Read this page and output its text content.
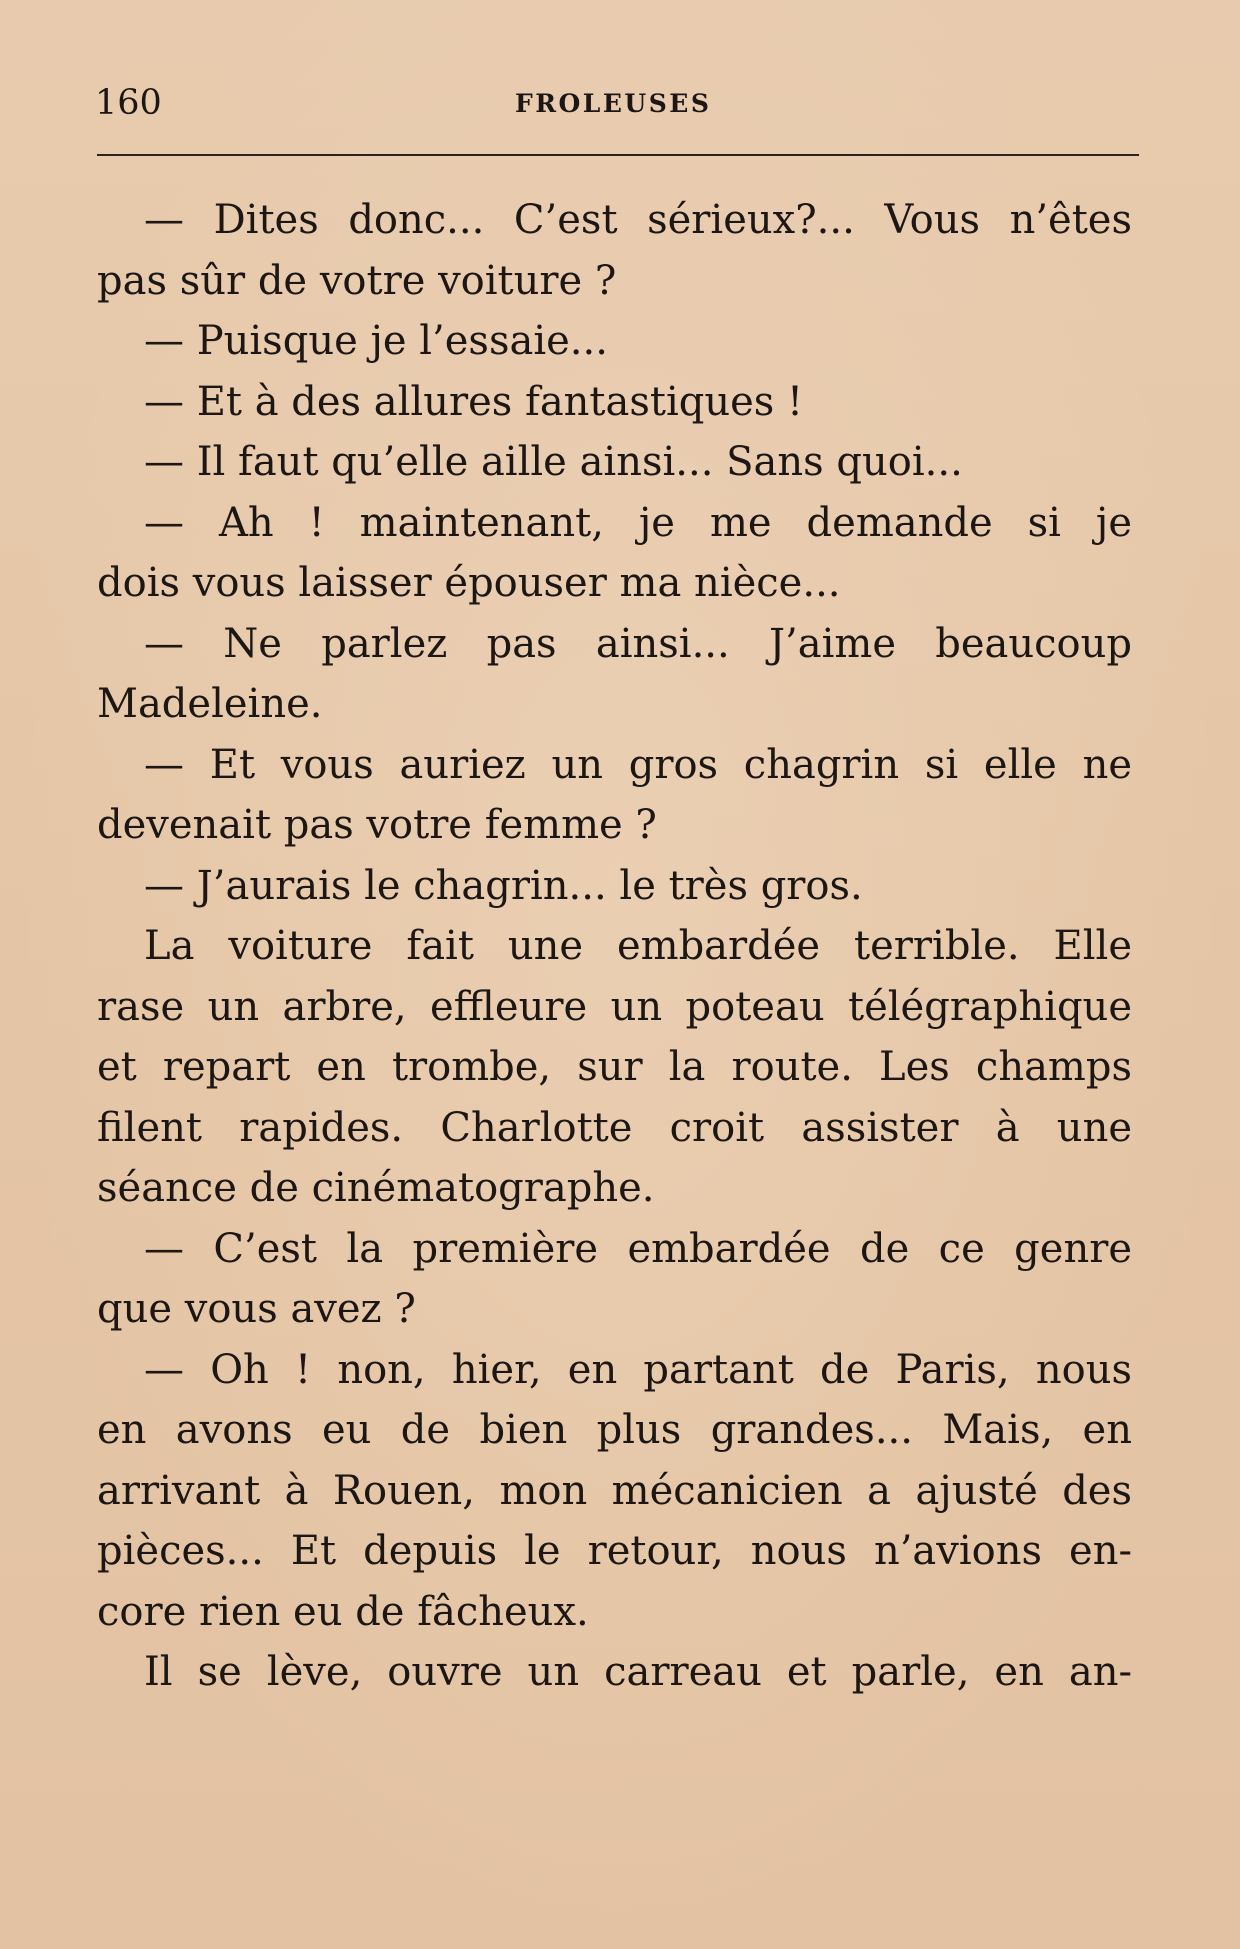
160	FROLEUSES
— Dites donc... C’est sérieux?... Vous n’êtes
pas sûr de votre voiture ?
— Puisque je l’essaie...
— Et à des allures fantastiques !
— Il faut qu’elle aille ainsi... Sans quoi...
— Ah ! maintenant, je me demande si je
dois vous laisser épouser ma nièce...
— Ne parlez pas ainsi... J’aime beaucoup
Madeleine.
— Et vous auriez un gros chagrin si elle ne
devenait pas votre femme ?
— J’aurais le chagrin... le très gros.
La voiture fait une embardée terrible. Elle
rase un arbre, effleure un poteau télégraphique
et repart en trombe, sur la route. Les champs
filent rapides. Charlotte croit assister à une
séance de cinématographe.
— C’est la première embardée de ce genre
que vous avez ?
— Oh ! non, hier, en partant de Paris, nous
en avons eu de bien plus grandes... Mais, en
arrivant à Rouen, mon mécanicien a ajusté des
pièces... Et depuis le retour, nous n’avions en-
core rien eu de fâcheux.
Il se lève, ouvre un carreau et parle, en an-
